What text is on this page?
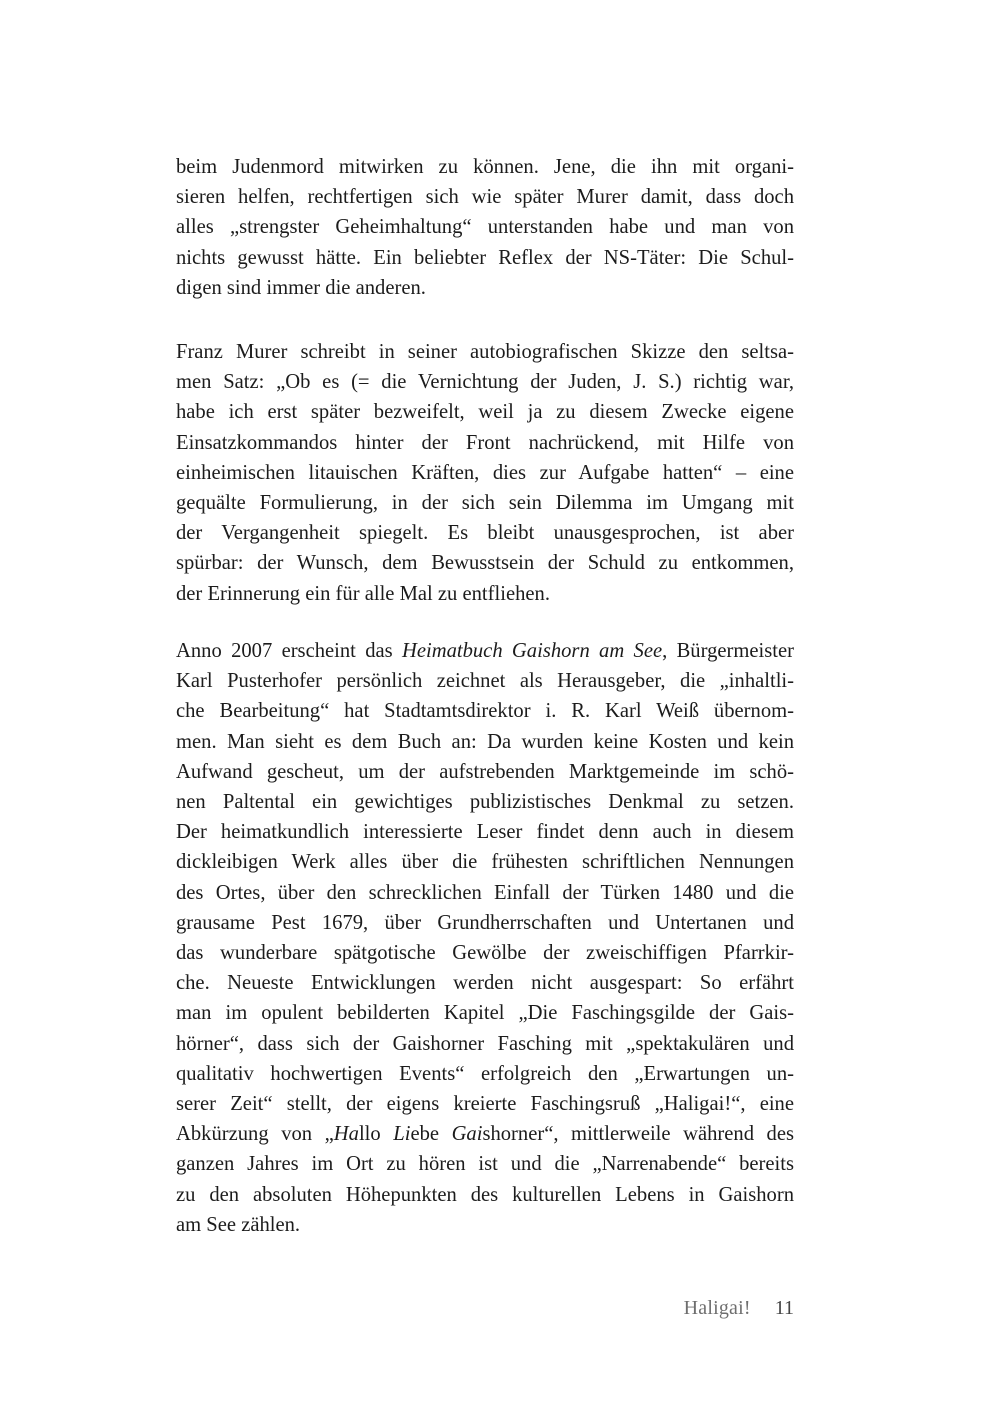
beim Judenmord mitwirken zu können. Jene, die ihn mit organi-
sieren helfen, rechtfertigen sich wie später Murer damit, dass doch
alles „strengster Geheimhaltung“ unterstanden habe und man von
nichts gewusst hätte. Ein beliebter Reflex der NS-Täter: Die Schul-
digen sind immer die anderen.
Franz Murer schreibt in seiner autobiografischen Skizze den seltsa-
men Satz: „Ob es (= die Vernichtung der Juden, J. S.) richtig war,
habe ich erst später bezweifelt, weil ja zu diesem Zwecke eigene
Einsatzkommandos hinter der Front nachrückend, mit Hilfe von
einheimischen litauischen Kräften, dies zur Aufgabe hatten“ – eine
gequälte Formulierung, in der sich sein Dilemma im Umgang mit
der Vergangenheit spiegelt. Es bleibt unausgesprochen, ist aber
spürbar: der Wunsch, dem Bewusstsein der Schuld zu entkommen,
der Erinnerung ein für alle Mal zu entfliehen.
Anno 2007 erscheint das Heimatbuch Gaishorn am See, Bürgermeister
Karl Pusterhofer persönlich zeichnet als Herausgeber, die „inhaltli-
che Bearbeitung“ hat Stadtamtsdirektor i. R. Karl Weiß übernom-
men. Man sieht es dem Buch an: Da wurden keine Kosten und kein
Aufwand gescheut, um der aufstrebenden Marktgemeinde im schö-
nen Paltental ein gewichtiges publizistisches Denkmal zu setzen.
Der heimatkundlich interessierte Leser findet denn auch in diesem
dickleibigen Werk alles über die frühesten schriftlichen Nennungen
des Ortes, über den schrecklichen Einfall der Türken 1480 und die
grausame Pest 1679, über Grundherrschaften und Untertanen und
das wunderbare spätgotische Gewölbe der zweischiffigen Pfarrkir-
che. Neueste Entwicklungen werden nicht ausgespart: So erfährt
man im opulent bebilderten Kapitel „Die Faschingsgilde der Gais-
hörner“, dass sich der Gaishorner Fasching mit „spektakulären und
qualitativ hochwertigen Events“ erfolgreich den „Erwartungen un-
serer Zeit“ stellt, der eigens kreierte Faschingsruß „Haligai!“, eine
Abkürzung von „Hallo Liebe Gaishorner“, mittlerweile während des
ganzen Jahres im Ort zu hören ist und die „Narrenabende“ bereits
zu den absoluten Höhepunkten des kulturellen Lebens in Gaishorn
am See zählen.
Haligai! 11
